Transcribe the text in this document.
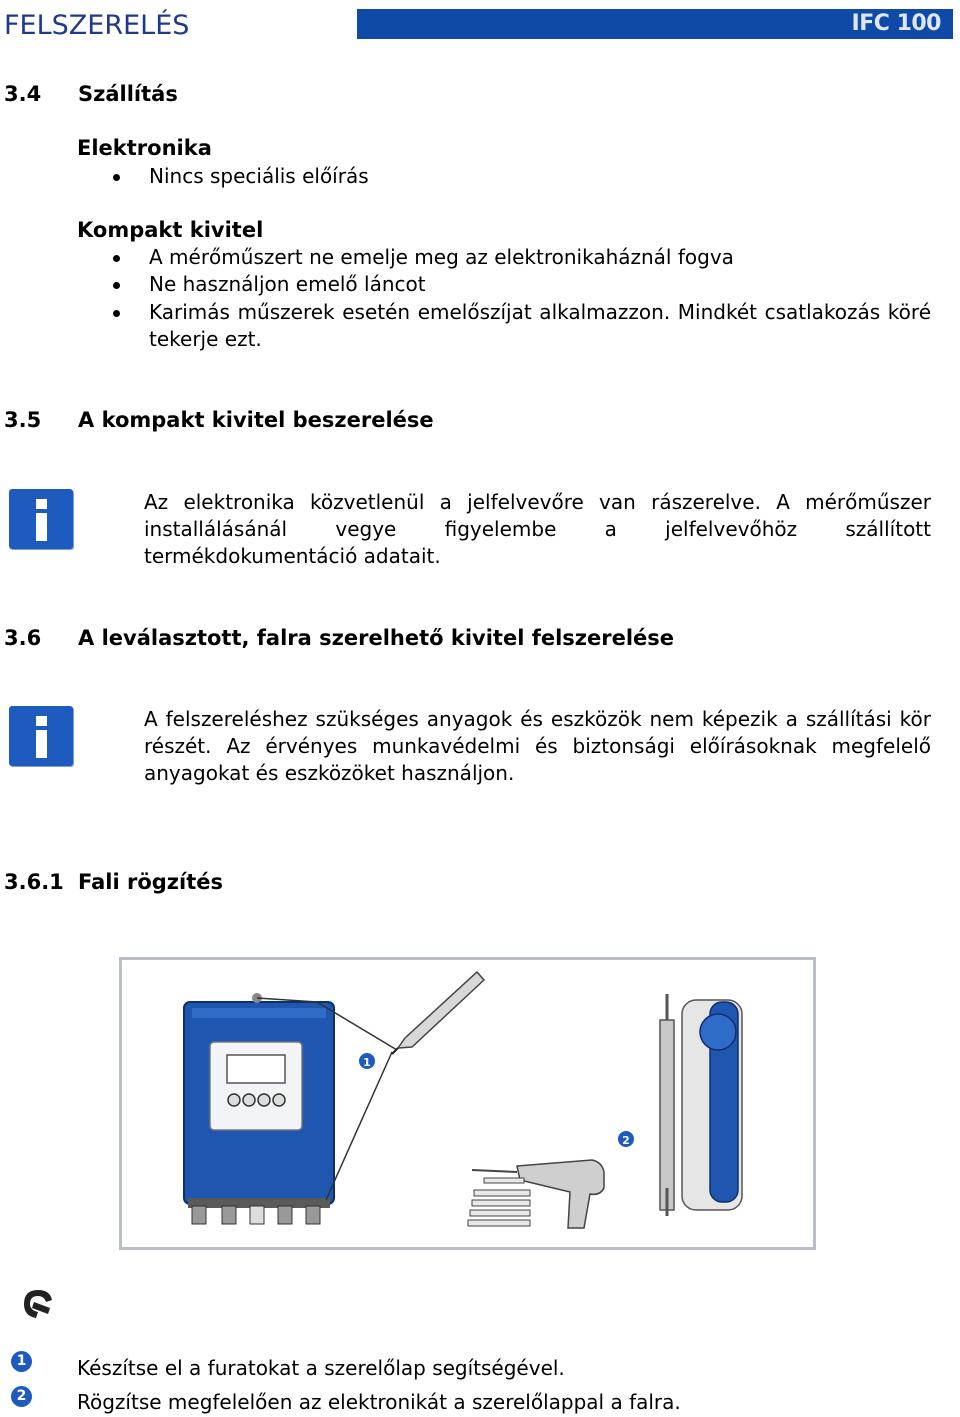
FELSZERELÉS	IFC 100
3.4 Szállítás
Elektronika
Nincs speciális előírás
Kompakt kivitel
A mérőműszert ne emelje meg az elektronikaháznál fogva
Ne használjon emelő láncot
Karimás műszerek esetén emelőszíjat alkalmazzon. Mindkét csatlakozás köré tekerje ezt.
3.5 A kompakt kivitel beszerelése
Az elektronika közvetlenül a jelfelvevőre van rászerelve. A mérőműszer installálásánál vegye figyelembe a jelfelvevőhöz szállított termékdokumentáció adatait.
3.6 A leválasztott, falra szerelhető kivitel felszerelése
A felszereléshez szükséges anyagok és eszközök nem képezik a szállítási kör részét. Az érvényes munkavédelmi és biztonsági előírásoknak megfelelő anyagokat és eszközöket használjon.
3.6.1 Fali rögzítés
1
2
1	Készítse el a furatokat a szerelőlap segítségével.
2	Rögzítse megfelelően az elektronikát a szerelőlappal a falra.
